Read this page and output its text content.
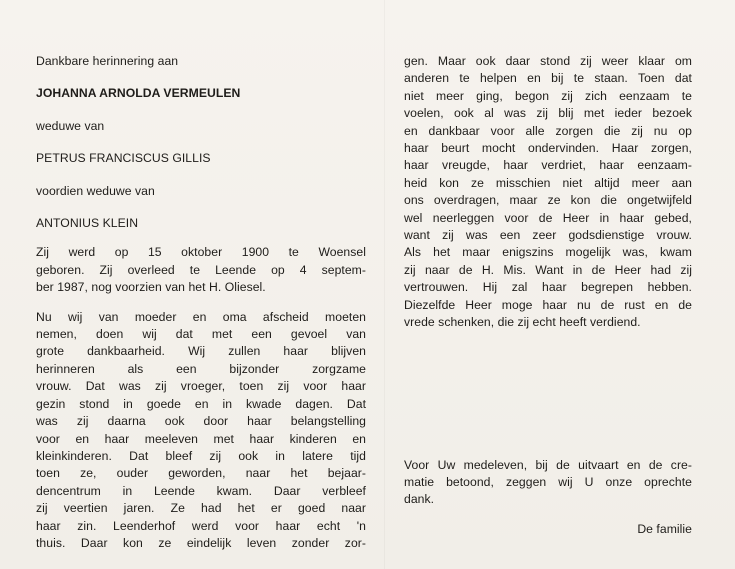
Dankbare herinnering aan
JOHANNA ARNOLDA VERMEULEN
weduwe van
PETRUS FRANCISCUS GILLIS
voordien weduwe van
ANTONIUS KLEIN
Zij werd op 15 oktober 1900 te Woensel
geboren. Zij overleed te Leende op 4 septem-
ber 1987, nog voorzien van het H. Oliesel.
Nu wij van moeder en oma afscheid moeten
nemen, doen wij dat met een gevoel van
grote dankbaarheid. Wij zullen haar blijven
herinneren als een bijzonder zorgzame
vrouw. Dat was zij vroeger, toen zij voor haar
gezin stond in goede en in kwade dagen. Dat
was zij daarna ook door haar belangstelling
voor en haar meeleven met haar kinderen en
kleinkinderen. Dat bleef zij ook in latere tijd
toen ze, ouder geworden, naar het bejaar-
dencentrum in Leende kwam. Daar verbleef
zij veertien jaren. Ze had het er goed naar
haar zin. Leenderhof werd voor haar echt 'n
thuis. Daar kon ze eindelijk leven zonder zor-
gen. Maar ook daar stond zij weer klaar om
anderen te helpen en bij te staan. Toen dat
niet meer ging, begon zij zich eenzaam te
voelen, ook al was zij blij met ieder bezoek
en dankbaar voor alle zorgen die zij nu op
haar beurt mocht ondervinden. Haar zorgen,
haar vreugde, haar verdriet, haar eenzaam-
heid kon ze misschien niet altijd meer aan
ons overdragen, maar ze kon die ongetwijfeld
wel neerleggen voor de Heer in haar gebed,
want zij was een zeer godsdienstige vrouw.
Als het maar enigszins mogelijk was, kwam
zij naar de H. Mis. Want in de Heer had zij
vertrouwen. Hij zal haar begrepen hebben.
Diezelfde Heer moge haar nu de rust en de
vrede schenken, die zij echt heeft verdiend.
Voor Uw medeleven, bij de uitvaart en de cre-
matie betoond, zeggen wij U onze oprechte
dank.
De familie
